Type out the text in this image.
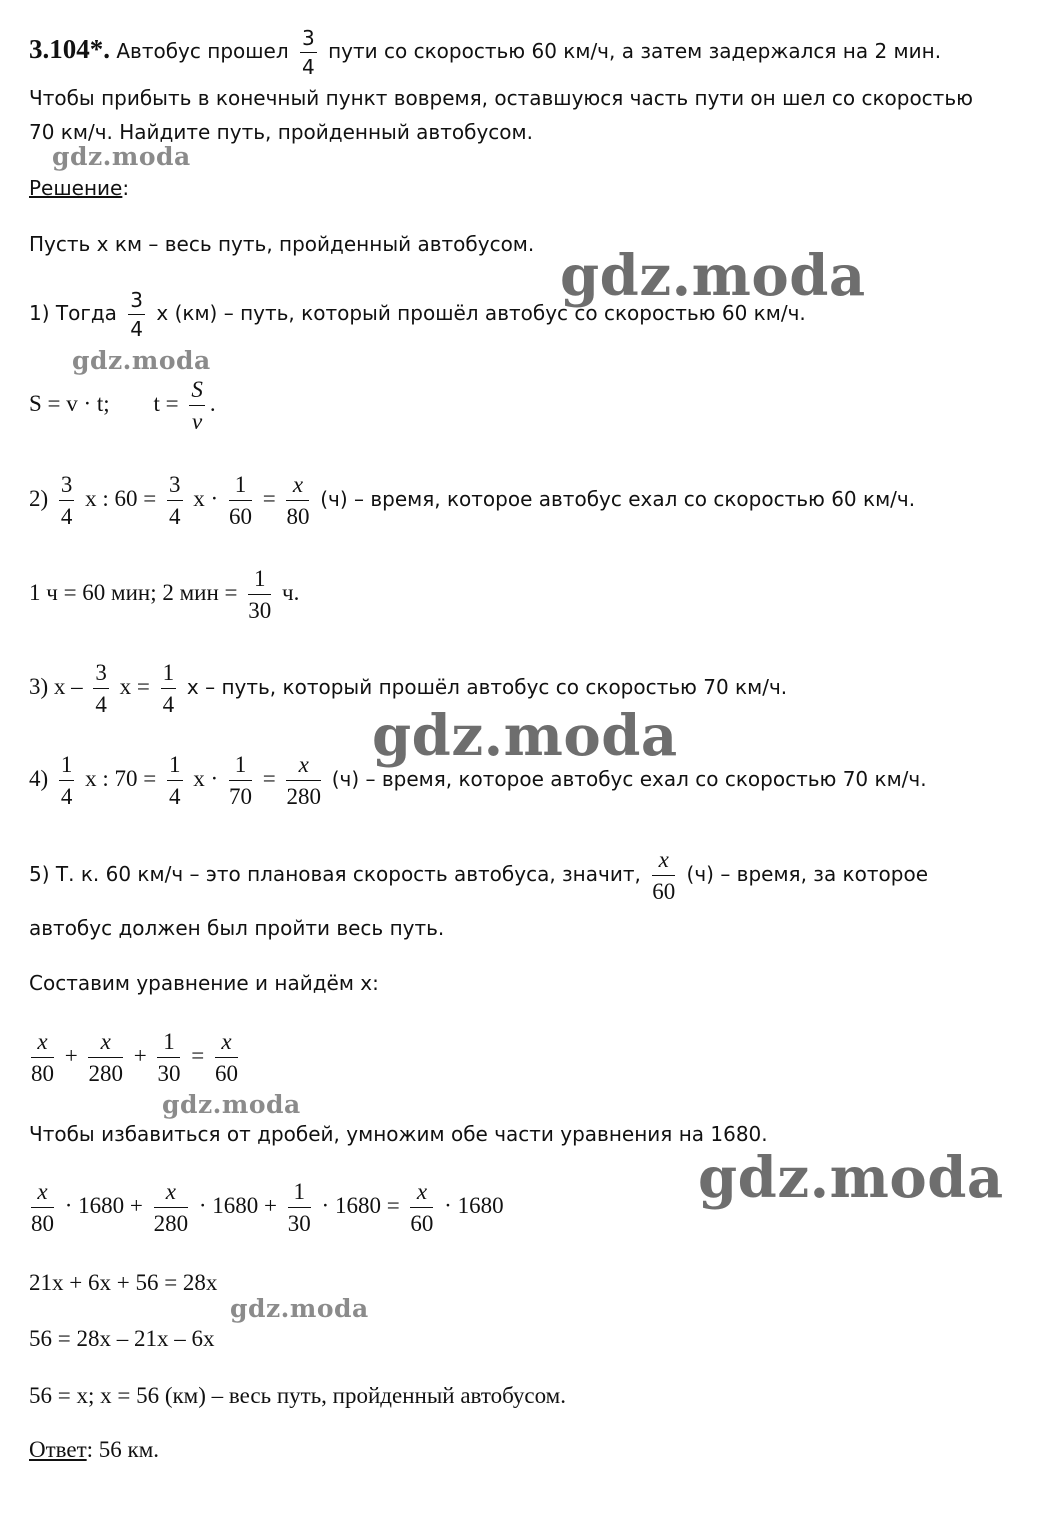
3.104*. Автобус прошел $\frac{3}{4}$ пути со скоростью 60 км/ч, а затем задержался на 2 мин.
Чтобы прибыть в конечный пункт вовремя, оставшуюся часть пути он шел со скоростью
70 км/ч. Найдите путь, пройденный автобусом.
Решение:
Пусть x км – весь путь, пройденный автобусом.
1) Тогда $\frac{3}{4}$ x (км) – путь, который прошёл автобус со скоростью 60 км/ч.
S = v · t; $t = \frac{S}{v}$ .
$2) \frac{3}{4}$ x : $60 = \frac{3}{4}$ $x \cdot \frac{1}{60} = \frac{x}{80} (ч)$ – время, которое автобус ехал со скоростью 60 км/ч.
1 ч = 60 мин; 2 мин = $\frac{1}{30} ч$.
3) x – $\frac{3}{4}$ $x = \frac{1}{4}$ x – путь, который прошёл автобус со скоростью 70 км/ч.
$4) \frac{1}{4}$ x : $70 = \frac{1}{4}$ $x \cdot \frac{1}{70} = \frac{x}{280} (ч)$ – время, которое автобус ехал со скоростью 70 км/ч.
5) Т. к. 60 км/ч – это плановая скорость автобуса, значит, $\frac{x}{60} (ч)$ – время, за которое
автобус должен был пройти весь путь.
Составим уравнение и найдём x:
$\frac{x}{80} + \frac{x}{280} + \frac{1}{30} = \frac{x}{60}$
Чтобы избавиться от дробей, умножим обе части уравнения на 1680.
$\frac{x}{80} \cdot 1680 + \frac{x}{280} \cdot 1680 + \frac{1}{30} \cdot 1680 = \frac{x}{60} \cdot 1680$
21x + 6x + 56 = 28x
56 = 28x – 21x – 6x
56 = x; x = 56 (км) – весь путь, пройденный автобусом.
Ответ: 56 км.
gdz.moda
gdz.moda
gdz.moda
gdz.moda
gdz.moda
gdz.moda
gdz.moda
